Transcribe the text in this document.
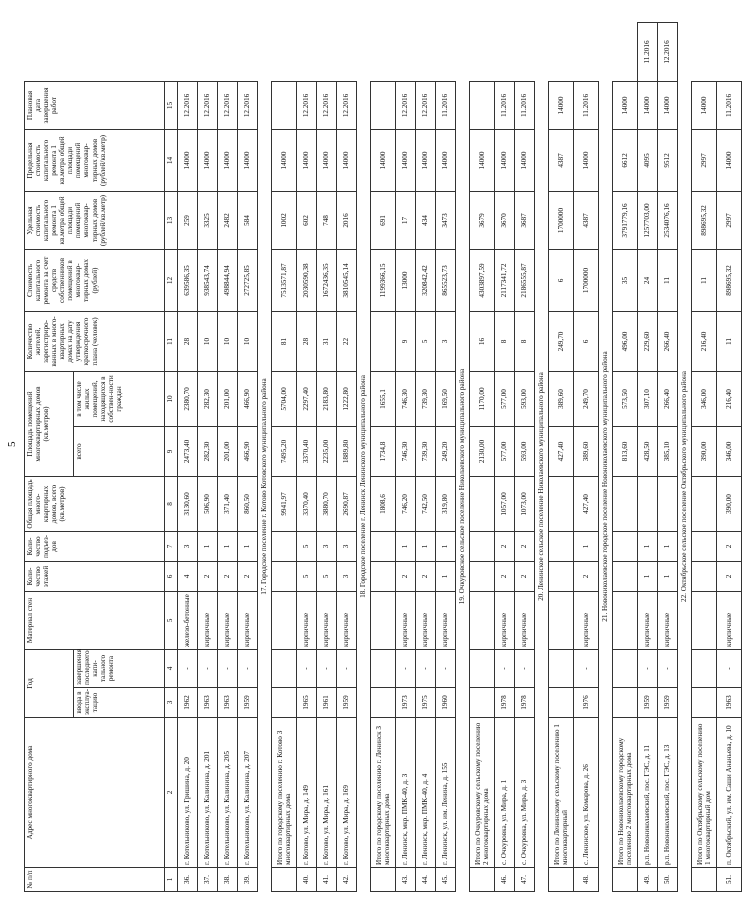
5
№ п/п	Адрес многоквартирного дома	Год		Материал стен	Коли-чество этажей	Коли-чество подъез-дов	Общая площадь много-квартирных домов, всего (кв.метров)	Площадь помещений многоквартирных домов (кв.метров)		Количество жителей, зарегистриро-ванных в много-квартирных домах на дату утверждения краткосрочного плана (человек)	Стоимость капитального ремонта за счет средств собственников помещений в многоквар-тирных домах (рублей)	Удельная стоимость капитального ремонта 1 кв.метра общей площади помещений многоквар-тирных домов (рублей/кв.метр)	Предельная стоимость капитального ремонта 1 кв.метра общей площади помещений многоквар-тирных домов (рублей/кв.метр)	Плановая дата завершения работ	
		ввода в эксплуа-тацию	завершения последнего капи-тального ремонта					всего	в том числе жилых помещений, находящихся в собствен-ности граждан						
1	2	3	4	5	6	7	8	9	10	11	12	13	14	15	
36.	г. Котельниково, ул. Гришина, д. 20	1962	-	железо-бетонные	4	3	3130,60	2473,40	2380,70	28	639586,35	259	14000	12.2016	
37.	г. Котельниково, ул. Калинина, д. 201	1963	-	кирпичные	2	1	506,90	282,30	282,30	10	938543,74	3325	14000	12.2016	
38.	г. Котельниково, ул. Калинина, д. 205	1963	-	кирпичные	2	1	371,40	201,00	201,00	10	498844,94	2482	14000	12.2016	
39.	г. Котельниково, ул. Калинина, д. 207	1959	-	кирпичные	2	1	860,50	466,90	466,90	10	272725,85	584	14000	12.2016	
17. Городское поселение г. Котово Котовского муниципального района															
	Итого по городскому поселению г. Котово 3 многоквартирных дома						9941,97	7495,20	5704,00	81	7513571,87	1002	14000		
40.	г. Котово, ул. Мира, д. 149	1965	-	кирпичные	5	5	3370,40	3370,40	2297,40	28	2030590,38	602	14000	12.2016	
41.	г. Котово, ул. Мира, д. 161	1961	-	кирпичные	5	3	3880,70	2235,00	2183,80	31	1672436,35	748	14000	12.2016	
42.	г. Котово, ул. Мира, д. 169	1959	-	кирпичные	3	3	2690,87	1889,80	1222,80	22	3810545,14	2016	14000	12.2016	
18. Городское поселение г. Ленинск Ленинского муниципального района															
	Итого по городскому поселению г. Ленинск 3 многоквартирных дома						1808,6	1734,8	1655,1		1199366,15	691	14000		
43.	г. Ленинск, мкр. ПМК-40, д. 3	1973	-	кирпичные	2	1	746,20	746,30	746,30	9	13000	17	14000	12.2016	
44.	г. Ленинск, мкр. ПМК-40, д. 4	1975	-	кирпичные	2	1	742,50	739,30	739,30	5	320842,42	434	14000	12.2016	
45.	г. Ленинск, ул. им. Ленина, д. 155	1960	-	кирпичные	1	1	319,80	249,20	169,50	3	865523,73	3473	14000	11.2016	
19. Очкуровское сельское поселение Николаевского муниципального района															
	Итого по Очкуровскому сельскому поселению 2 многоквартирных дома							2130,00	1170,00	16	4303897,59	3679	14000		
46.	с. Очкуровка, ул. Мира, д. 1	1978	-	кирпичные	2	2	1057,00	577,00	577,00	8	2117341,72	3670	14000	11.2016	
47.	с. Очкуровка, ул. Мира, д. 3	1978	-	кирпичные	2	2	1073,00	593,00	593,00	8	2186555,87	3687	14000	11.2016	
20. Ленинское сельское поселение Николаевского муниципального района															
	Итого по Ленинскому сельскому поселению 1 многоквартирный							427,40	389,60	249,70	6	1700000	4387	14000	
48.	с. Ленинское, ул. Комарова, д. 26	1976	-	кирпичные	2	1	427,40	389,60	249,70	6	1700000	4387	14000	11.2016	
21. Новониколаевское городское поселение Новониколаевского муниципального района															
	Итого по Новониколаевскому городскому поселению 2 многоквартирных дома							813,60	573,50	496,00	35	3791779,16	6612	14000	
49.	р.п. Новониколаевский, пос. ГЭС, д. 11	1959	-	кирпичные	1	1		428,50	307,10	229,60	24	1257703,00	4095	14000	11.2016
50.	р.п. Новониколаевский, пос. ГЭС, д. 13	1959	-	кирпичные	1	1		385,10	266,40	266,40	11	2534076,16	9512	14000	12.2016
22. Октябрьское сельское поселение Октябрьского муниципального района															
	Итого по Октябрьскому сельскому поселению 1 многоквартирный дом							390,00	346,00	216,40	11	898695,32	2997	14000	
51.	п. Октябрьский, ул. им. Саши Ананьева, д. 10	1963	-	кирпичные	2	2	390,00	346,00	216,40	11	898695,32	2997	14000	11.2016	
